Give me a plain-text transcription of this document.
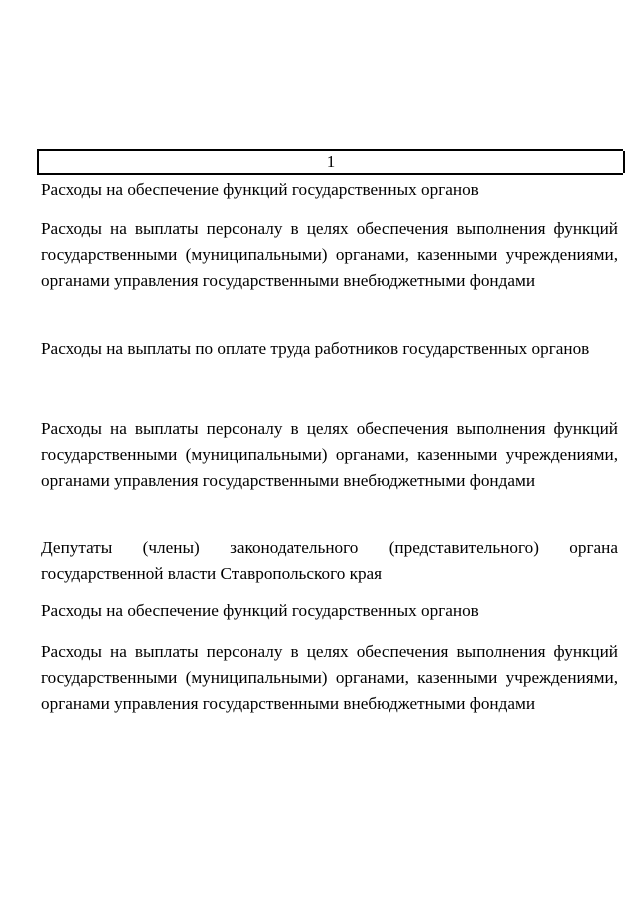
1
Расходы на обеспечение функций государственных органов
Расходы на выплаты персоналу в целях обеспечения выполнения функций государственными (муниципальными) органами, казенными учреждениями, органами управления государственными внебюджетными фондами
Расходы на выплаты по оплате труда работников государственных органов
Расходы на выплаты персоналу в целях обеспечения выполнения функций государственными (муниципальными) органами, казенными учреждениями, органами управления государственными внебюджетными фондами
Депутаты (члены) законодательного (представительного) органа государственной власти Ставропольского края
Расходы на обеспечение функций государственных органов
Расходы на выплаты персоналу в целях обеспечения выполнения функций государственными (муниципальными) органами, казенными учреждениями, органами управления государственными внебюджетными фондами
